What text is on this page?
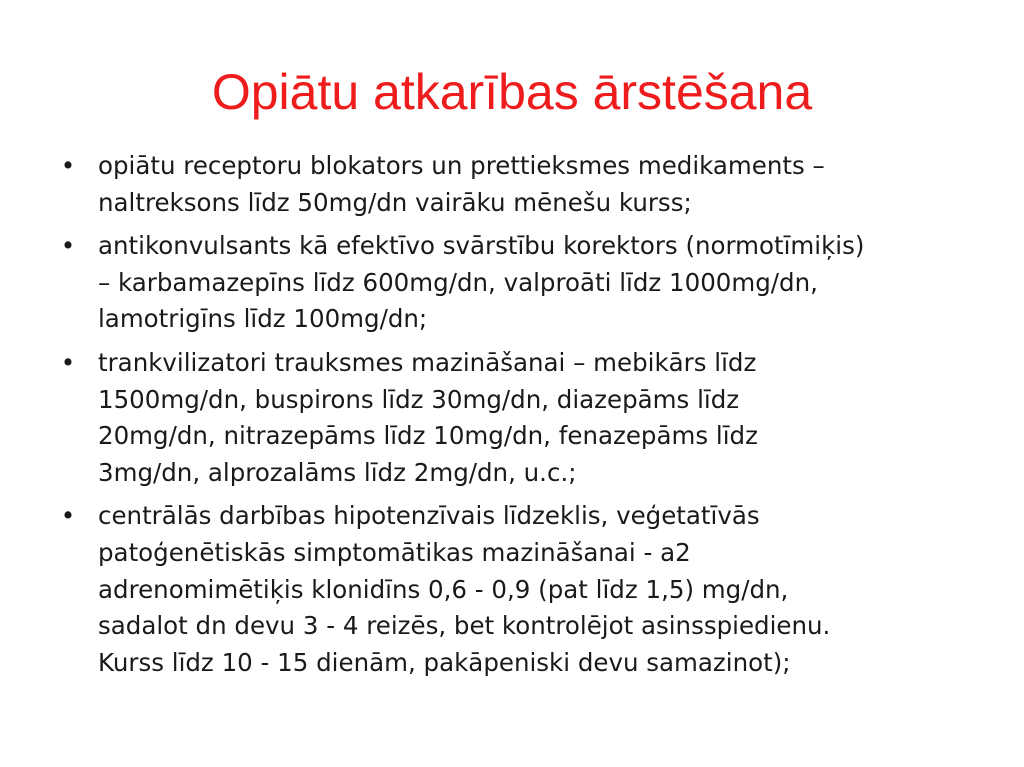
Opiātu atkarības ārstēšana
• opiātu receptoru blokators un prettieksmes medikaments –
naltreksons līdz 50mg/dn vairāku mēnešu kurss;
• antikonvulsants kā efektīvo svārstību korektors (normotīmiķis)
– karbamazepīns līdz 600mg/dn, valproāti līdz 1000mg/dn,
lamotrigīns līdz 100mg/dn;
• trankvilizatori trauksmes mazināšanai – mebikārs līdz
1500mg/dn, buspirons līdz 30mg/dn, diazepāms līdz
20mg/dn, nitrazepāms līdz 10mg/dn, fenazepāms līdz
3mg/dn, alprozalāms līdz 2mg/dn, u.c.;
• centrālās darbības hipotenzīvais līdzeklis, veģetatīvās
patoģenētiskās simptomātikas mazināšanai - a2
adrenomimētiķis klonidīns 0,6 - 0,9 (pat līdz 1,5) mg/dn,
sadalot dn devu 3 - 4 reizēs, bet kontrolējot asinsspiedienu.
Kurss līdz 10 - 15 dienām, pakāpeniski devu samazinot);
